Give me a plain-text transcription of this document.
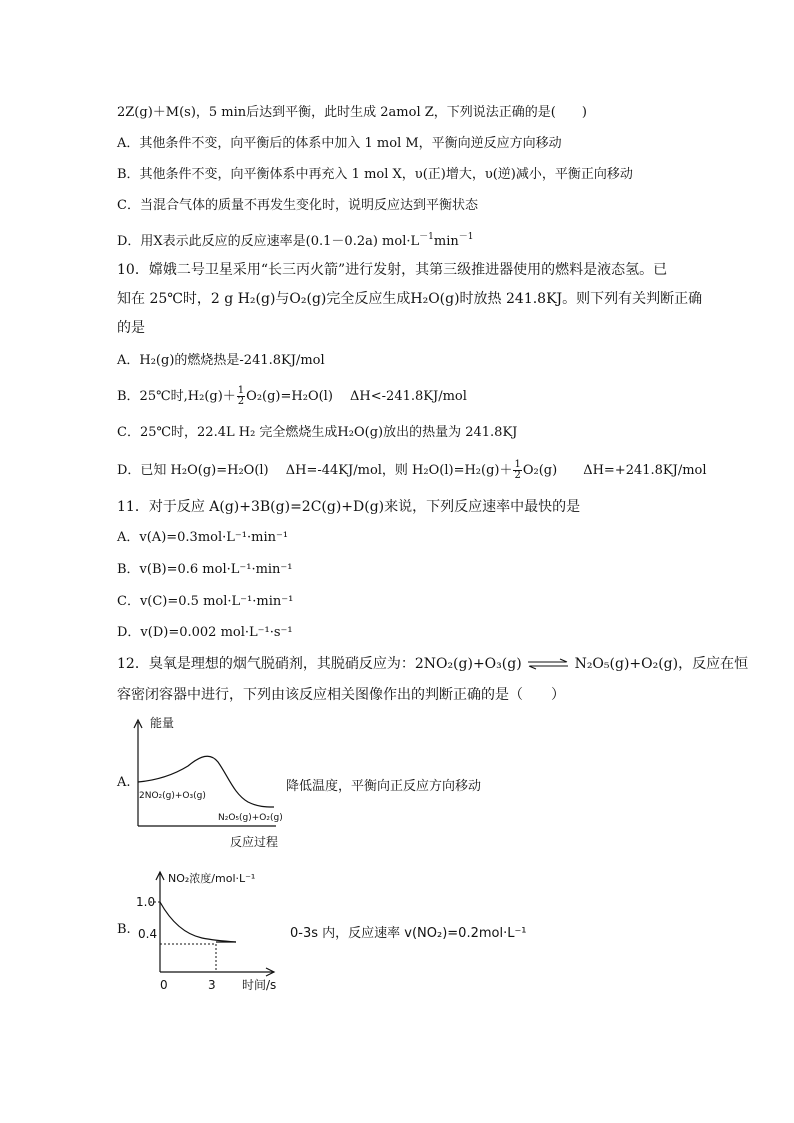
2Z(g)＋M(s)，5 min后达到平衡，此时生成 2amol Z，下列说法正确的是(　　)
A．其他条件不变，向平衡后的体系中加入 1 mol M，平衡向逆反应方向移动
B．其他条件不变，向平衡体系中再充入 1 mol X，υ(正)增大，υ(逆)减小，平衡正向移动
C．当混合气体的质量不再发生变化时，说明反应达到平衡状态
D．用X表示此反应的反应速率是(0.1－0.2a) $mol\cdot L^{-1}\min^{-1}$
10．嫦娥二号卫星采用“长三丙火箭”进行发射，其第三级推进器使用的燃料是液态氢。已
知在 25℃时，2 g H₂(g)与O₂(g)完全反应生成H₂O(g)时放热 241.8KJ。则下列有关判断正确
的是
A．H₂(g)的燃烧热是-241.8KJ/mol
B．25℃时$,H_2(g)+ \frac{1}{2} O_2(g)=H_2O(l)$　 ΔH<-241.8KJ/mol
C．25℃时，22.4L H₂ 完全燃烧生成H₂O(g)放出的热量为 241.8KJ
D．已知 H₂O(g)=H₂O(l)　 ΔH=-44KJ/mol，则 $H_2O(l)=H_2(g)+ \frac{1}{2} O_2(g)$　　ΔH=+241.8KJ/mol
11．对于反应 A(g)+3B(g)=2C(g)+D(g)来说，下列反应速率中最快的是
A．v(A)=0.3mol·L⁻¹·min⁻¹
B．v(B)=0.6 mol·L⁻¹·min⁻¹
C．v(C)=0.5 mol·L⁻¹·min⁻¹
D．v(D)=0.002 mol·L⁻¹·s⁻¹
12．臭氧是理想的烟气脱硝剂，其脱硝反应为：2NO₂(g)+O₃(g) ⇌ N₂O₅(g)+O₂(g)，反应在恒
容密闭容器中进行，下列由该反应相关图像作出的判断正确的是（　　）
A.
能量
2NO₂(g)+O₃(g)
N₂O₅(g)+O₂(g)
反应过程
降低温度，平衡向正反应方向移动
B.
NO₂浓度/mol·L⁻¹
1.0
0.4
0	3 时间/s
0-3s 内，反应速率 v(NO₂)=0.2mol·L⁻¹
